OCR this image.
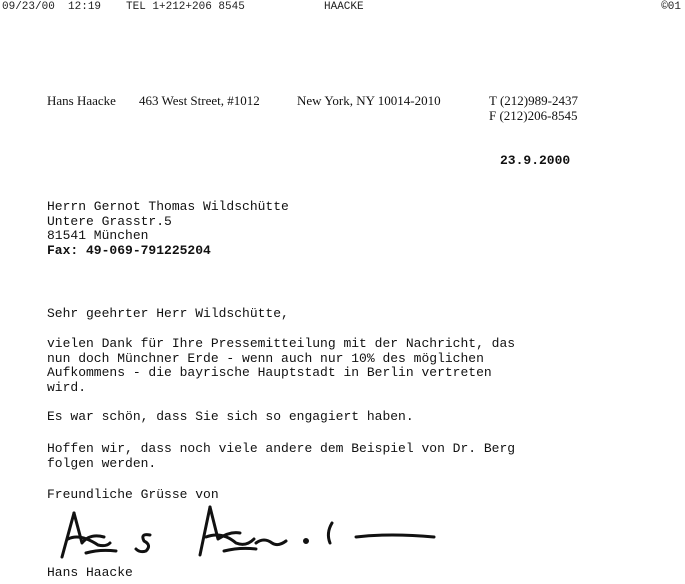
09/23/00  12:19 TEL 1+212+206 8545	HAACKE	©01
Hans Haacke 463 West Street, #1012	New York, NY 10014-2010	T (212)989-2437
F (212)206-8545
23.9.2000
Herrn Gernot Thomas Wildschütte
Untere Grasstr.5
81541 München
Fax: 49-069-791225204
Sehr geehrter Herr Wildschütte,
vielen Dank für Ihre Pressemitteilung mit der Nachricht, das
nun doch Münchner Erde - wenn auch nur 10% des möglichen
Aufkommens - die bayrische Hauptstadt in Berlin vertreten
wird.
Es war schön, dass Sie sich so engagiert haben.
Hoffen wir, dass noch viele andere dem Beispiel von Dr. Berg
folgen werden.
Freundliche Grüsse von
Hans Haacke
